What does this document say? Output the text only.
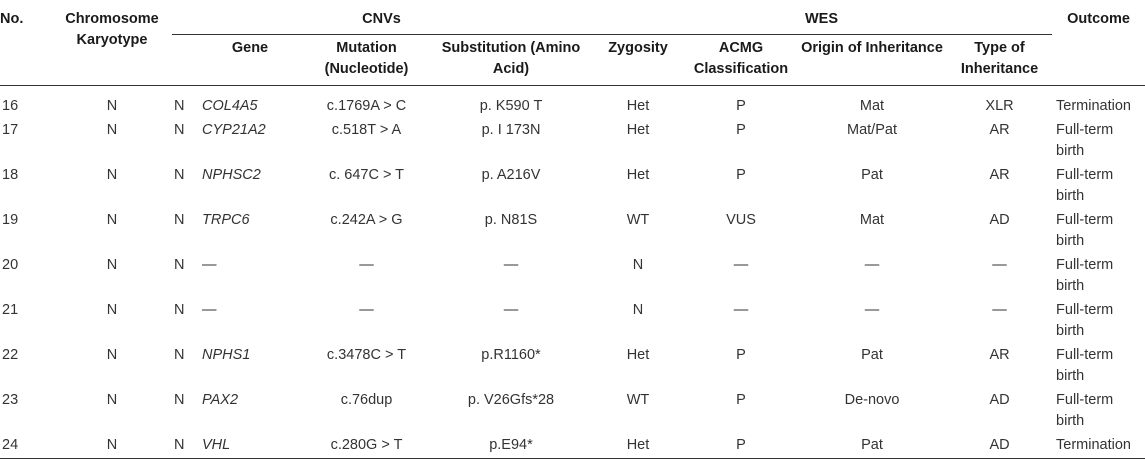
No.	Chromosome Karyotype	CNVs				WES				Outcome
			Gene	Mutation (Nucleotide)	Substitution (Amino Acid)	Zygosity	ACMG Classification	Origin of Inheritance	Type of Inheritance	
16	N	N	COL4A5	c.1769A > C	p. K590 T	Het	P	Mat	XLR	Termination
17	N	N	CYP21A2	c.518T > A	p. I 173N	Het	P	Mat/Pat	AR	Full-term birth
18	N	N	NPHSC2	c. 647C > T	p. A216V	Het	P	Pat	AR	Full-term birth
19	N	N	TRPC6	c.242A > G	p. N81S	WT	VUS	Mat	AD	Full-term birth
20	N	N	—	—	—	N	—	—	—	Full-term birth
21	N	N	—	—	—	N	—	—	—	Full-term birth
22	N	N	NPHS1	c.3478C > T	p.R1160*	Het	P	Pat	AR	Full-term birth
23	N	N	PAX2	c.76dup	p. V26Gfs*28	WT	P	De-novo	AD	Full-term birth
24	N	N	VHL	c.280G > T	p.E94*	Het	P	Pat	AD	Termination
